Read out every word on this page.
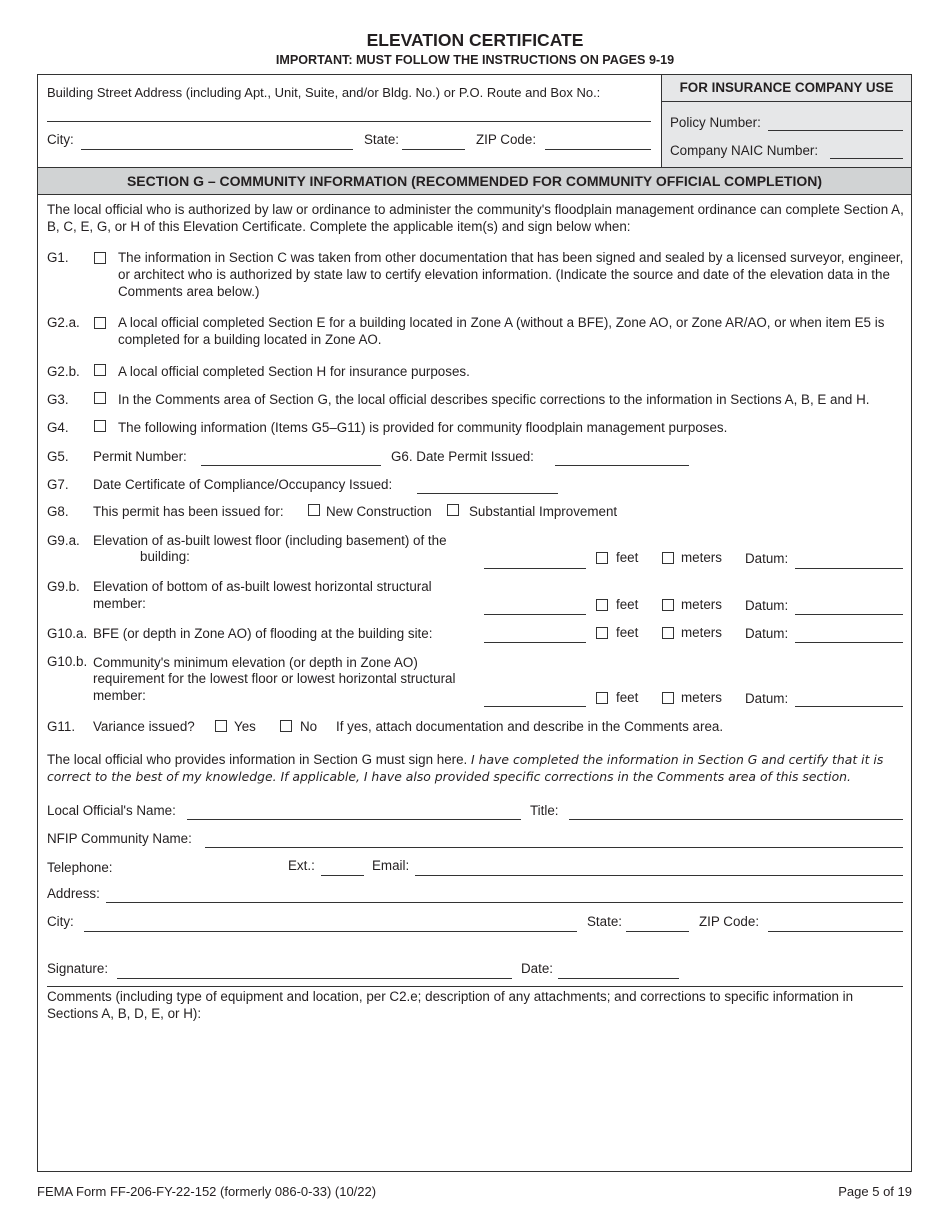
ELEVATION CERTIFICATE
IMPORTANT: MUST FOLLOW THE INSTRUCTIONS ON PAGES 9-19
Building Street Address (including Apt., Unit, Suite, and/or Bldg. No.) or P.O. Route and Box No.:
City:	State:	ZIP Code:
FOR INSURANCE COMPANY USE
Policy Number:
Company NAIC Number:
SECTION G – COMMUNITY INFORMATION (RECOMMENDED FOR COMMUNITY OFFICIAL COMPLETION)
The local official who is authorized by law or ordinance to administer the community's floodplain management ordinance can complete Section A, B, C, E, G, or H of this Elevation Certificate. Complete the applicable item(s) and sign below when:
G1.	The information in Section C was taken from other documentation that has been signed and sealed by a licensed surveyor, engineer, or architect who is authorized by state law to certify elevation information. (Indicate the source and date of the elevation data in the Comments area below.)
G2.a.	A local official completed Section E for a building located in Zone A (without a BFE), Zone AO, or Zone AR/AO, or when item E5 is completed for a building located in Zone AO.
G2.b.	A local official completed Section H for insurance purposes.
G3.	In the Comments area of Section G, the local official describes specific corrections to the information in Sections A, B, E and H.
G4.	The following information (Items G5–G11) is provided for community floodplain management purposes.
G5. Permit Number:	G6. Date Permit Issued:
G7. Date Certificate of Compliance/Occupancy Issued:
G8. This permit has been issued for:	New Construction	Substantial Improvement
G9.a. Elevation of as-built lowest floor (including basement) of the
building:	feet	meters Datum:
G9.b. Elevation of bottom of as-built lowest horizontal structural
member:	feet	meters Datum:
G10.a. BFE (or depth in Zone AO) of flooding at the building site:	feet	meters Datum:
G10.b. Community's minimum elevation (or depth in Zone AO)
requirement for the lowest floor or lowest horizontal structural
member:	feet	meters Datum:
G11. Variance issued?	Yes	No If yes, attach documentation and describe in the Comments area.
The local official who provides information in Section G must sign here. I have completed the information in Section G and certify that it is correct to the best of my knowledge. If applicable, I have also provided specific corrections in the Comments area of this section.
Local Official's Name:	Title:
NFIP Community Name:
Telephone:	Ext.:	Email:
Address:
City:	State:	ZIP Code:
Signature:	Date:
Comments (including type of equipment and location, per C2.e; description of any attachments; and corrections to specific information in Sections A, B, D, E, or H):
FEMA Form FF-206-FY-22-152 (formerly 086-0-33) (10/22)	Page 5 of 19
